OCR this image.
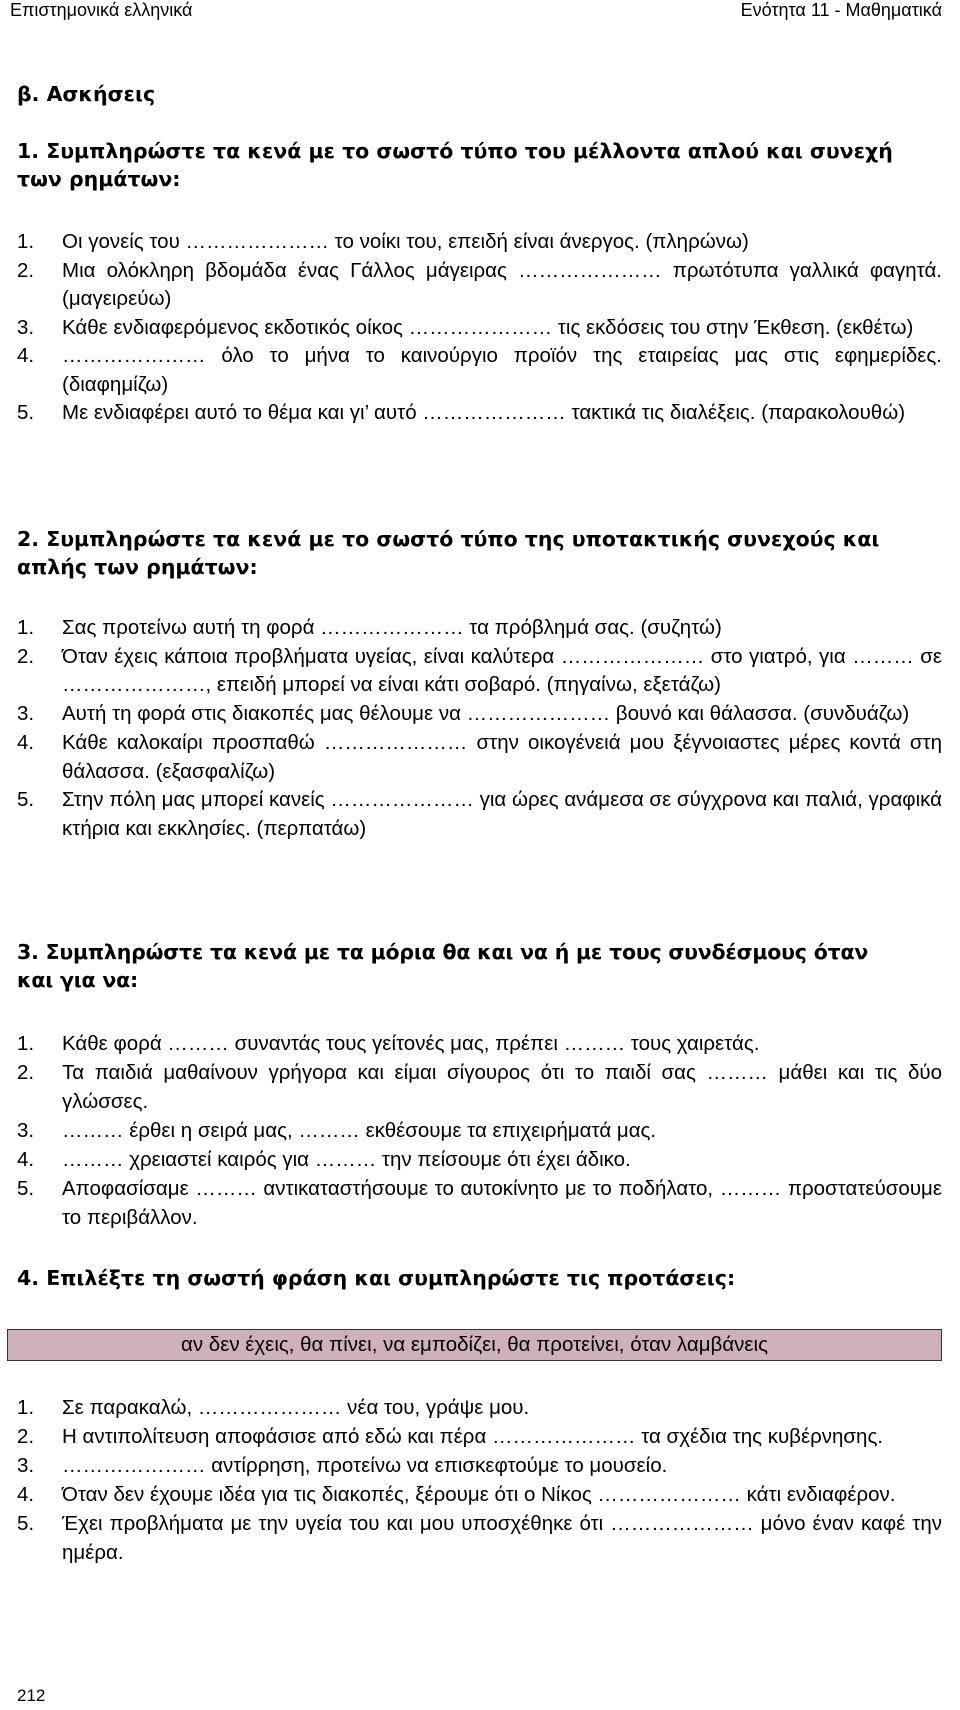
Επιστημονικά ελληνικά	Ενότητα 11 - Μαθηματικά
β. Ασκήσεις
1. Συμπληρώστε τα κενά με το σωστό τύπο του μέλλοντα απλού και συνεχή
των ρημάτων:
1. Οι γονείς του ………………… το νοίκι του, επειδή είναι άνεργος. (πληρώνω)
2. Μια ολόκληρη βδομάδα ένας Γάλλος μάγειρας ………………… πρωτότυπα γαλλικά φαγητά. (μαγειρεύω)
3. Κάθε ενδιαφερόμενος εκδοτικός οίκος ………………… τις εκδόσεις του στην Έκθεση. (εκθέτω)
4. ………………… όλο το μήνα το καινούργιο προϊόν της εταιρείας μας στις εφημερίδες. (διαφημίζω)
5. Με ενδιαφέρει αυτό το θέμα και γι’ αυτό ………………… τακτικά τις διαλέξεις. (παρακολουθώ)
2. Συμπληρώστε τα κενά με το σωστό τύπο της υποτακτικής συνεχούς και
απλής των ρημάτων:
1. Σας προτείνω αυτή τη φορά ………………… τα πρόβλημά σας. (συζητώ)
2. Όταν έχεις κάποια προβλήματα υγείας, είναι καλύτερα ………………… στο γιατρό, για ……… σε …………………, επειδή μπορεί να είναι κάτι σοβαρό. (πηγαίνω, εξετάζω)
3. Αυτή τη φορά στις διακοπές μας θέλουμε να ………………… βουνό και θάλασσα. (συνδυάζω)
4. Κάθε καλοκαίρι προσπαθώ ………………… στην οικογένειά μου ξέγνοιαστες μέρες κοντά στη θάλασσα. (εξασφαλίζω)
5. Στην πόλη μας μπορεί κανείς ………………… για ώρες ανάμεσα σε σύγχρονα και παλιά, γραφικά κτήρια και εκκλησίες. (περπατάω)
3. Συμπληρώστε τα κενά με τα μόρια θα και να ή με τους συνδέσμους όταν
και για να:
1. Κάθε φορά ……… συναντάς τους γείτονές μας, πρέπει ……… τους χαιρετάς.
2. Τα παιδιά μαθαίνουν γρήγορα και είμαι σίγουρος ότι το παιδί σας ……… μάθει και τις δύο γλώσσες.
3. ……… έρθει η σειρά μας, ……… εκθέσουμε τα επιχειρήματά μας.
4. ……… χρειαστεί καιρός για ……… την πείσουμε ότι έχει άδικο.
5. Αποφασίσαμε ……… αντικαταστήσουμε το αυτοκίνητο με το ποδήλατο, ……… προστατεύσουμε το περιβάλλον.
4. Επιλέξτε τη σωστή φράση και συμπληρώστε τις προτάσεις:
αν δεν έχεις, θα πίνει, να εμποδίζει, θα προτείνει, όταν λαμβάνεις
1. Σε παρακαλώ, ………………… νέα του, γράψε μου.
2. Η αντιπολίτευση αποφάσισε από εδώ και πέρα ………………… τα σχέδια της κυβέρνησης.
3. ………………… αντίρρηση, προτείνω να επισκεφτούμε το μουσείο.
4. Όταν δεν έχουμε ιδέα για τις διακοπές, ξέρουμε ότι ο Νίκος ………………… κάτι ενδιαφέρον.
5. Έχει προβλήματα με την υγεία του και μου υποσχέθηκε ότι ………………… μόνο έναν καφέ την ημέρα.
212
